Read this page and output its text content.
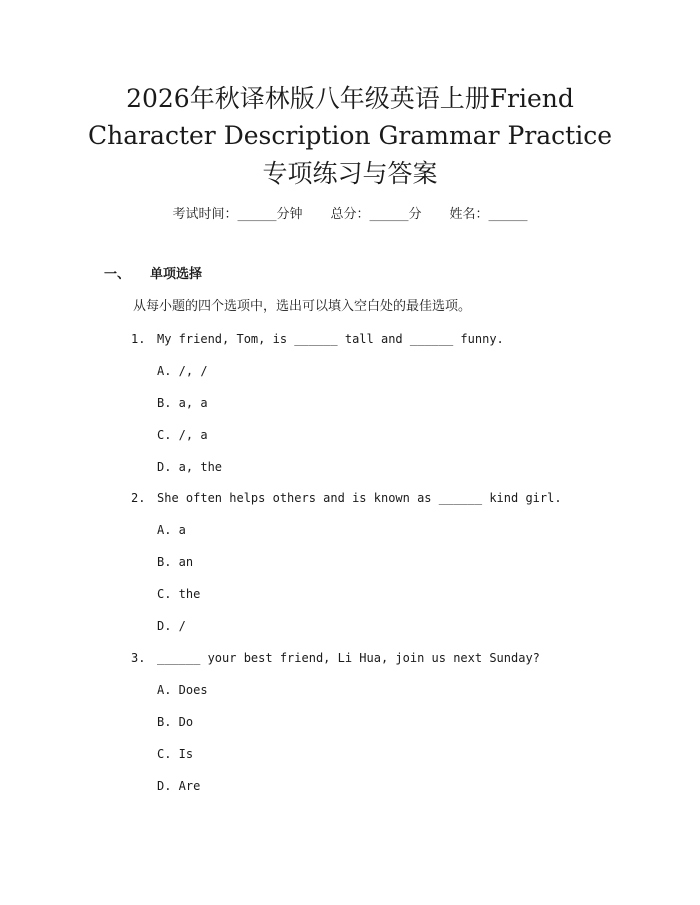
2026年秋译林版八年级英语上册Friend
Character Description Grammar Practice
专项练习与答案
考试时间：______分钟 总分：______分 姓名：______
一、 单项选择
从每小题的四个选项中，选出可以填入空白处的最佳选项。
1. My friend, Tom, is ______ tall and ______ funny.
A. /, /
B. a, a
C. /, a
D. a, the
2. She often helps others and is known as ______ kind girl.
A. a
B. an
C. the
D. /
3. ______ your best friend, Li Hua, join us next Sunday?
A. Does
B. Do
C. Is
D. Are
